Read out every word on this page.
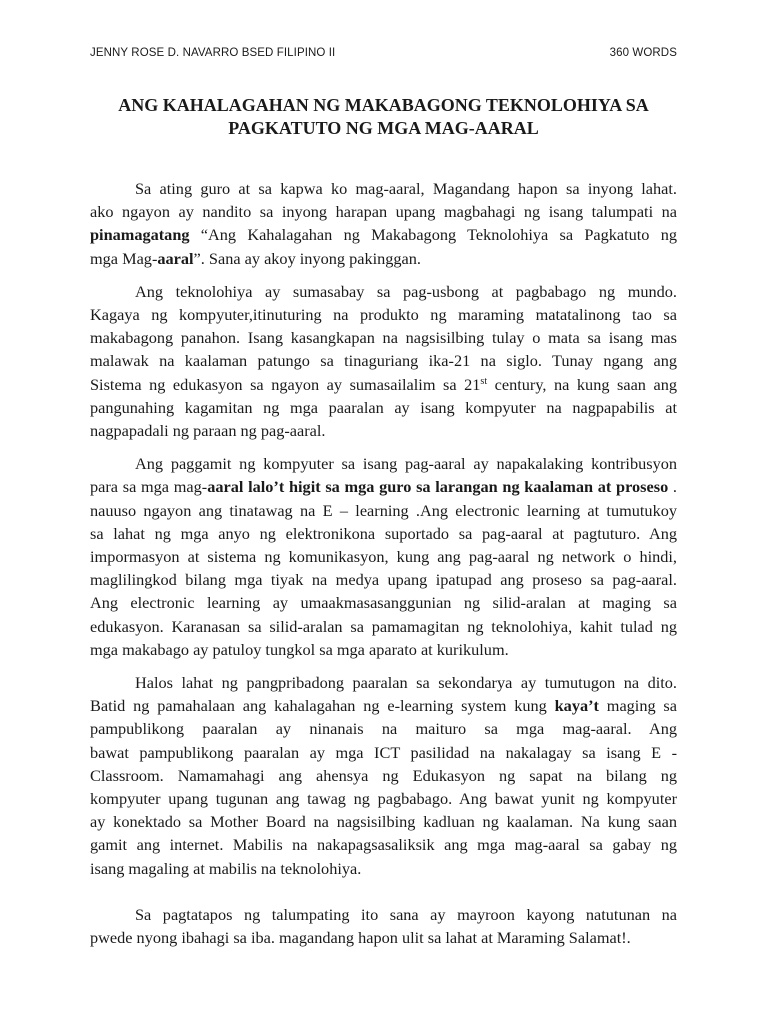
JENNY ROSE D. NAVARRO BSED FILIPINO II	360 WORDS
ANG KAHALAGAHAN NG MAKABAGONG TEKNOLOHIYA SA
PAGKATUTO NG MGA MAG-AARAL

Sa ating guro at sa kapwa ko mag-aaral, Magandang hapon sa inyong lahat.
ako ngayon ay nandito sa inyong harapan upang magbahagi ng isang talumpati na
pinamagatang “Ang Kahalagahan ng Makabagong Teknolohiya sa Pagkatuto ng
mga Mag-aaral”. Sana ay akoy inyong pakinggan.

Ang teknolohiya ay sumasabay sa pag-usbong at pagbabago ng mundo.
Kagaya ng kompyuter,itinuturing na produkto ng maraming matatalinong tao sa
makabagong panahon. Isang kasangkapan na nagsisilbing tulay o mata sa isang mas
malawak na kaalaman patungo sa tinaguriang ika-21 na siglo. Tunay ngang ang
Sistema ng edukasyon sa ngayon ay sumasailalim sa 21st century, na kung saan ang
pangunahing kagamitan ng mga paaralan ay isang kompyuter na nagpapabilis at
nagpapadali ng paraan ng pag-aaral.

Ang paggamit ng kompyuter sa isang pag-aaral ay napakalaking kontribusyon
para sa mga mag-aaral lalo’t higit sa mga guro sa larangan ng kaalaman at proseso .
nauuso ngayon ang tinatawag na E – learning .Ang electronic learning at tumutukoy
sa lahat ng mga anyo ng elektronikona suportado sa pag-aaral at pagtuturo. Ang
impormasyon at sistema ng komunikasyon, kung ang pag-aaral ng network o hindi,
maglilingkod bilang mga tiyak na medya upang ipatupad ang proseso sa pag-aaral.
Ang electronic learning ay umaakmasasanggunian ng silid-aralan at maging sa
edukasyon. Karanasan sa silid-aralan sa pamamagitan ng teknolohiya, kahit tulad ng
mga makabago ay patuloy tungkol sa mga aparato at kurikulum.

Halos lahat ng pangpribadong paaralan sa sekondarya ay tumutugon na dito.
Batid ng pamahalaan ang kahalagahan ng e-learning system kung kaya’t maging sa
pampublikong paaralan ay ninanais na maituro sa mga mag-aaral. Ang
bawat pampublikong paaralan ay mga ICT pasilidad na nakalagay sa isang E -
Classroom. Namamahagi ang ahensya ng Edukasyon ng sapat na bilang ng
kompyuter upang tugunan ang tawag ng pagbabago. Ang bawat yunit ng kompyuter
ay konektado sa Mother Board na nagsisilbing kadluan ng kaalaman. Na kung saan
gamit ang internet. Mabilis na nakapagsasaliksik ang mga mag-aaral sa gabay ng
isang magaling at mabilis na teknolohiya.

Sa pagtatapos ng talumpating ito sana ay mayroon kayong natutunan na
pwede nyong ibahagi sa iba. magandang hapon ulit sa lahat at Maraming Salamat!.
